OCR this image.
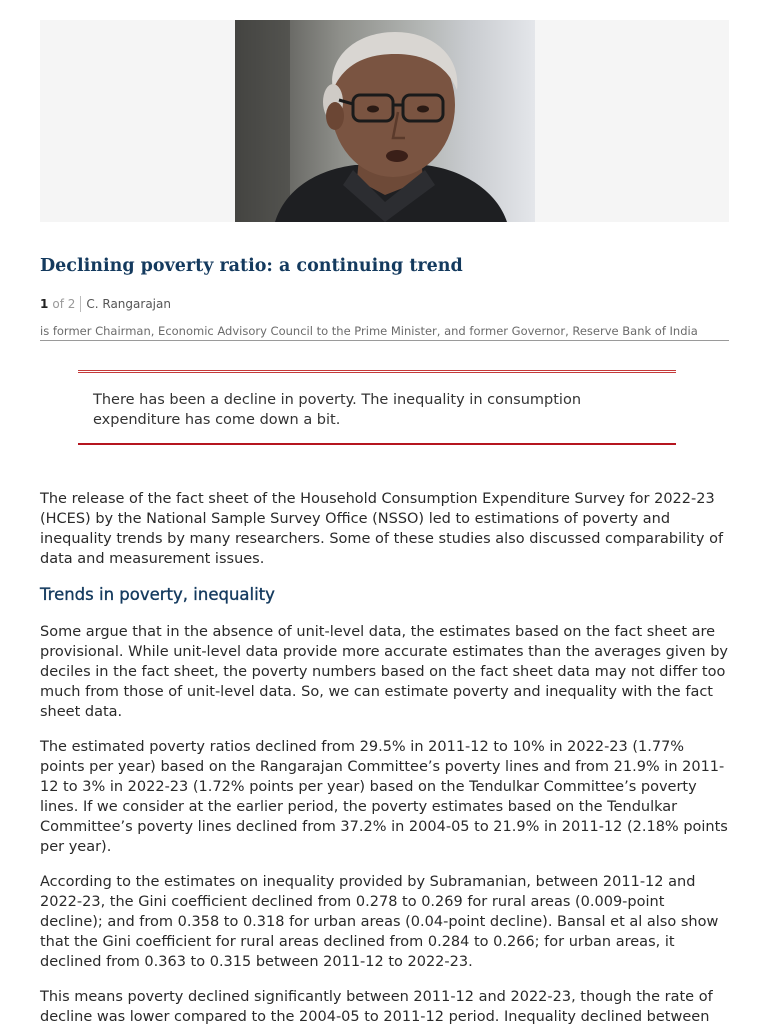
Declining poverty ratio: a continuing trend
1 of 2 C. Rangarajan
is former Chairman, Economic Advisory Council to the Prime Minister, and former Governor, Reserve Bank of India
There has been a decline in poverty. The inequality in consumption expenditure has come down a bit.

The release of the fact sheet of the Household Consumption Expenditure Survey for 2022-23 (HCES) by the National Sample Survey Office (NSSO) led to estimations of poverty and inequality trends by many researchers. Some of these studies also discussed comparability of data and measurement issues.

Trends in poverty, inequality

Some argue that in the absence of unit-level data, the estimates based on the fact sheet are provisional. While unit-level data provide more accurate estimates than the averages given by deciles in the fact sheet, the poverty numbers based on the fact sheet data may not differ too much from those of unit-level data. So, we can estimate poverty and inequality with the fact sheet data.

The estimated poverty ratios declined from 29.5% in 2011-12 to 10% in 2022-23 (1.77% points per year) based on the Rangarajan Committee’s poverty lines and from 21.9% in 2011-12 to 3% in 2022-23 (1.72% points per year) based on the Tendulkar Committee’s poverty lines. If we consider at the earlier period, the poverty estimates based on the Tendulkar Committee’s poverty lines declined from 37.2% in 2004-05 to 21.9% in 2011-12 (2.18% points per year).

According to the estimates on inequality provided by Subramanian, between 2011-12 and 2022-23, the Gini coefficient declined from 0.278 to 0.269 for rural areas (0.009-point decline); and from 0.358 to 0.318 for urban areas (0.04-point decline). Bansal et al also show that the Gini coefficient for rural areas declined from 0.284 to 0.266; for urban areas, it declined from 0.363 to 0.315 between 2011-12 to 2022-23.

This means poverty declined significantly between 2011-12 and 2022-23, though the rate of decline was lower compared to the 2004-05 to 2011-12 period. Inequality declined between
